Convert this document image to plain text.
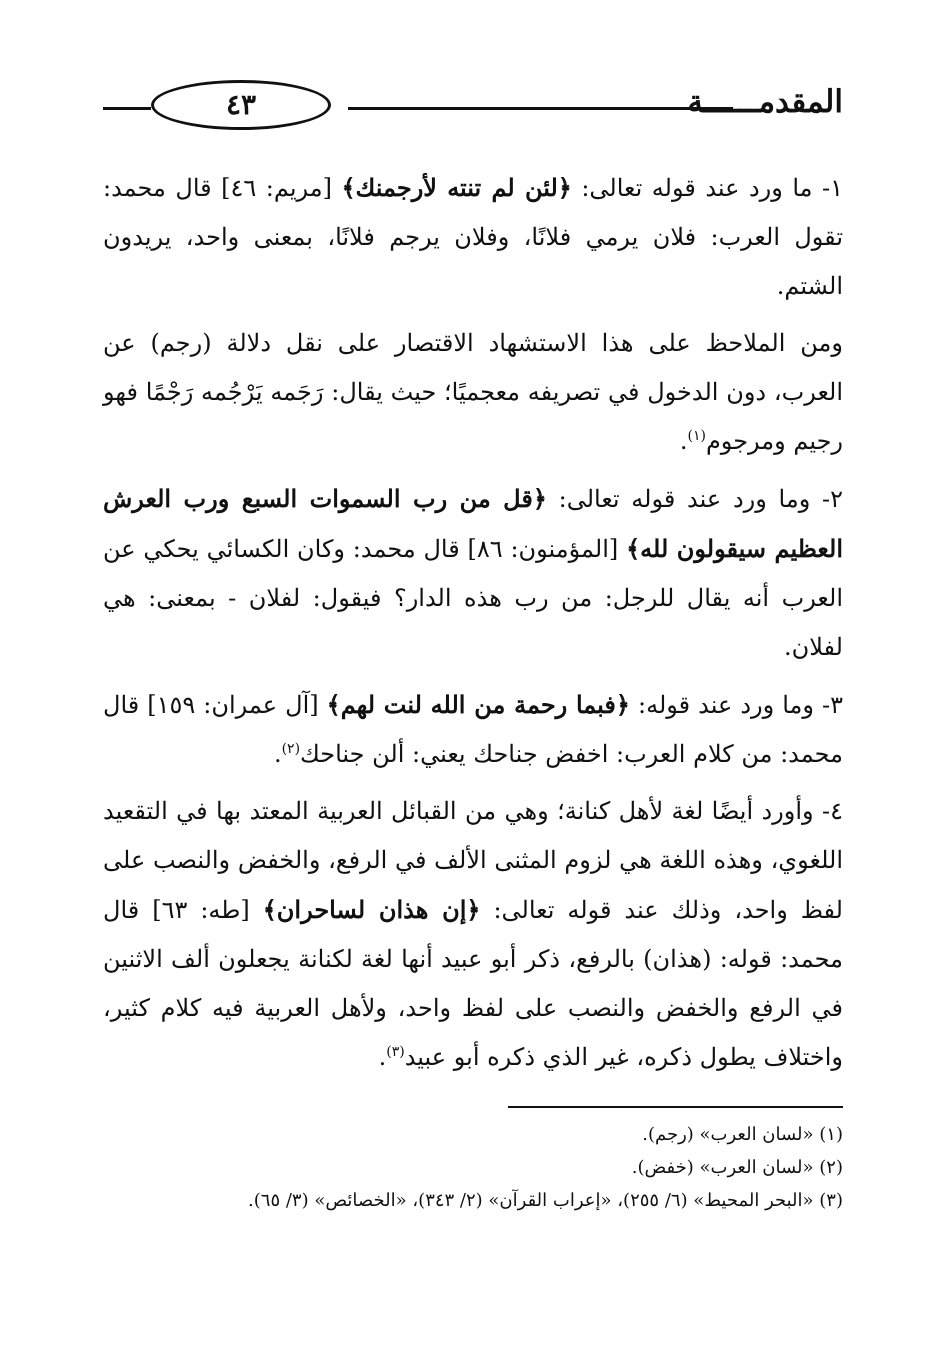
المقدمــــــة
٤٣

١- ما ورد عند قوله تعالى: ﴿لئن لم تنته لأرجمنك﴾ [مريم: ٤٦] قال محمد: تقول العرب: فلان يرمي فلانًا، وفلان يرجم فلانًا، بمعنى واحد، يريدون الشتم.

ومن الملاحظ على هذا الاستشهاد الاقتصار على نقل دلالة (رجم) عن العرب، دون الدخول في تصريفه معجميًا؛ حيث يقال: رَجَمه يَرْجُمه رَجْمًا فهو رجيم ومرجوم$^{(١)}$.

٢- وما ورد عند قوله تعالى: ﴿قل من رب السموات السبع ورب العرش العظيم سيقولون لله﴾ [المؤمنون: ٨٦] قال محمد: وكان الكسائي يحكي عن العرب أنه يقال للرجل: من رب هذه الدار؟ فيقول: لفلان - بمعنى: هي لفلان.

٣- وما ورد عند قوله: ﴿فبما رحمة من الله لنت لهم﴾ [آل عمران: ١٥٩] قال محمد: من كلام العرب: اخفض جناحك يعني: ألن جناحك$^{(٢)}$.

٤- وأورد أيضًا لغة لأهل كنانة؛ وهي من القبائل العربية المعتد بها في التقعيد اللغوي، وهذه اللغة هي لزوم المثنى الألف في الرفع، والخفض والنصب على لفظ واحد، وذلك عند قوله تعالى: ﴿إن هذان لساحران﴾ [طه: ٦٣] قال محمد: قوله: (هذان) بالرفع، ذكر أبو عبيد أنها لغة لكنانة يجعلون ألف الاثنين في الرفع والخفض والنصب على لفظ واحد، ولأهل العربية فيه كلام كثير، واختلاف يطول ذكره، غير الذي ذكره أبو عبيد$^{(٣)}$.

(١) «لسان العرب» (رجم).

(٢) «لسان العرب» (خفض).

(٣) «البحر المحيط» (٦/ ٢٥٥)، «إعراب القرآن» (٢/ ٣٤٣)، «الخصائص» (٣/ ٦٥).
